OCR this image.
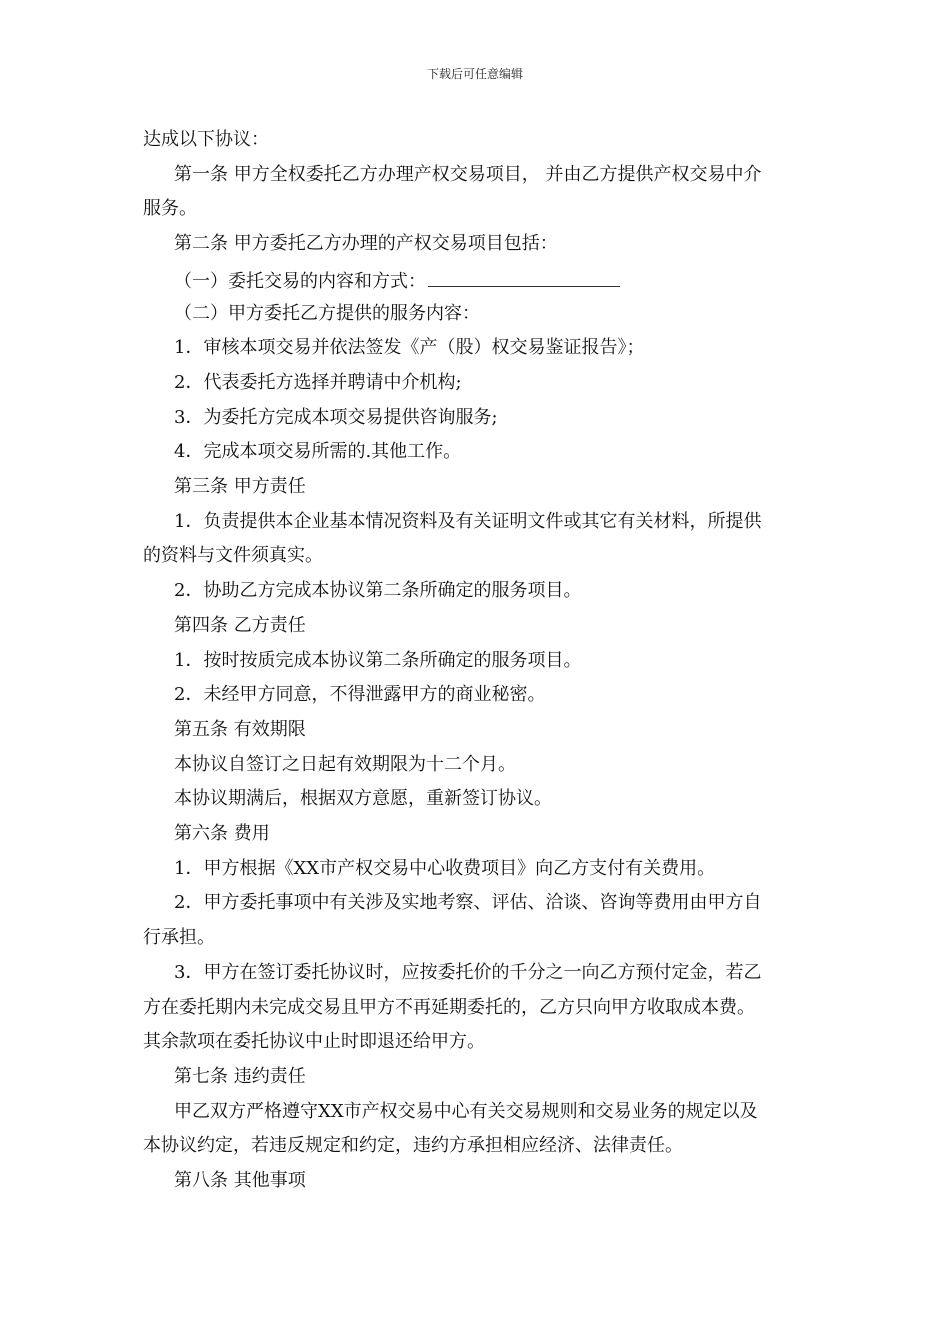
下载后可任意编辑
达成以下协议：
第一条 甲方全权委托乙方办理产权交易项目， 并由乙方提供产权交易中介
服务。
第二条 甲方委托乙方办理的产权交易项目包括：
（一）委托交易的内容和方式：
（二）甲方委托乙方提供的服务内容：
1．审核本项交易并依法签发《产（股）权交易鉴证报告》；
2．代表委托方选择并聘请中介机构;
3．为委托方完成本项交易提供咨询服务;
4．完成本项交易所需的.其他工作。
第三条 甲方责任
1．负责提供本企业基本情况资料及有关证明文件或其它有关材料，所提供
的资料与文件须真实。
2．协助乙方完成本协议第二条所确定的服务项目。
第四条 乙方责任
1．按时按质完成本协议第二条所确定的服务项目。
2．未经甲方同意，不得泄露甲方的商业秘密。
第五条 有效期限
本协议自签订之日起有效期限为十二个月。
本协议期满后，根据双方意愿，重新签订协议。
第六条 费用
1．甲方根据《XX市产权交易中心收费项目》向乙方支付有关费用。
2．甲方委托事项中有关涉及实地考察、评估、洽谈、咨询等费用由甲方自
行承担。
3．甲方在签订委托协议时，应按委托价的千分之一向乙方预付定金，若乙
方在委托期内未完成交易且甲方不再延期委托的，乙方只向甲方收取成本费。
其余款项在委托协议中止时即退还给甲方。
第七条 违约责任
甲乙双方严格遵守XX市产权交易中心有关交易规则和交易业务的规定以及
本协议约定，若违反规定和约定，违约方承担相应经济、法律责任。
第八条 其他事项
